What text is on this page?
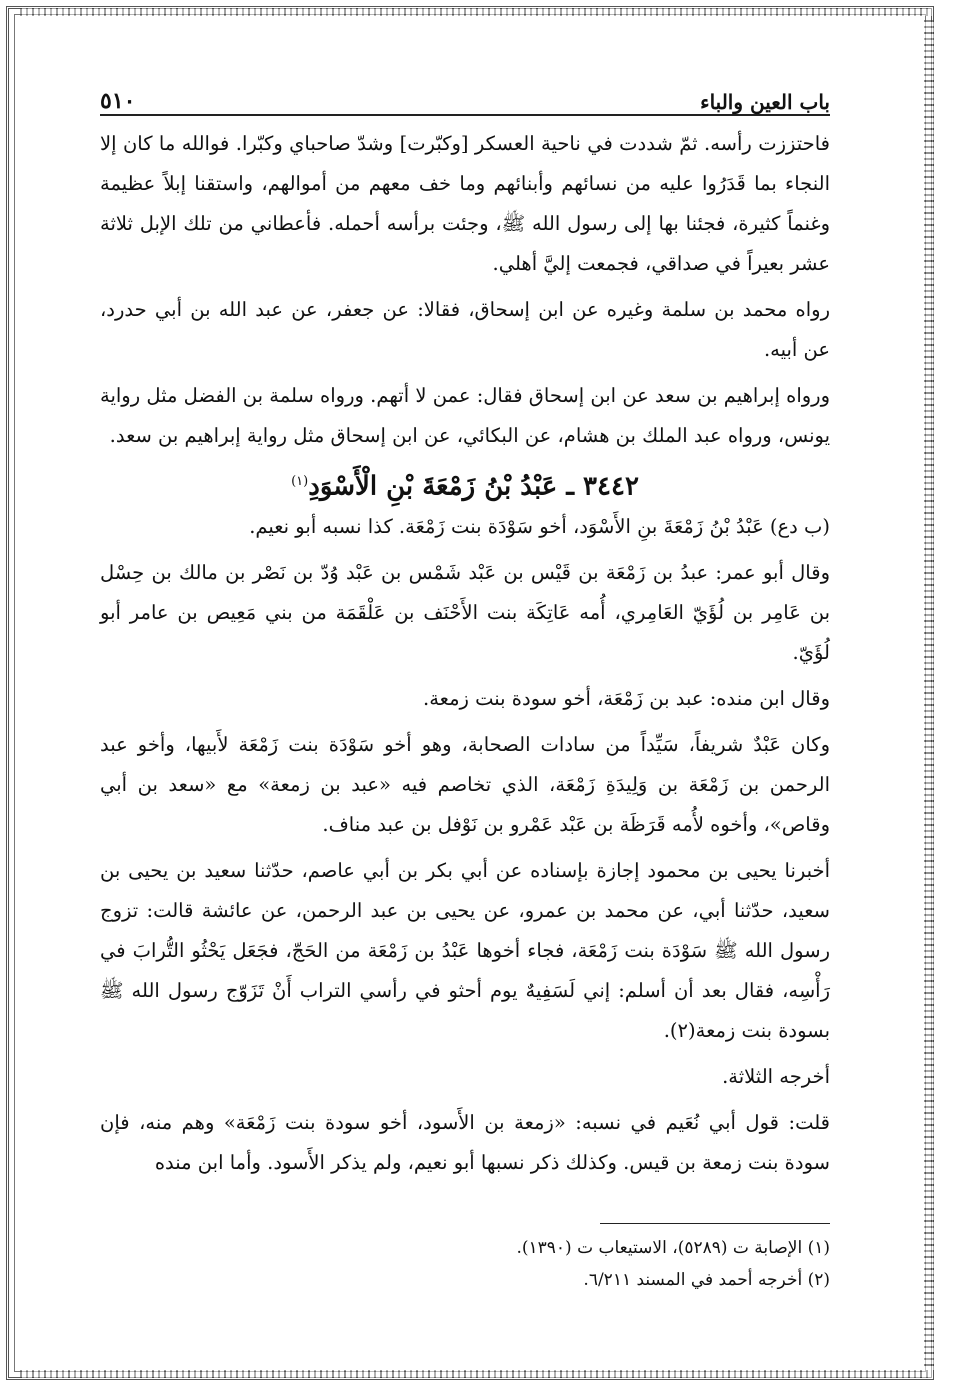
باب العين والباء
٥١٠

فاحتززت رأسه. ثمّ شددت في ناحية العسكر [وكبّرت] وشدّ صاحباي وكبّرا. فوالله ما كان إلا النجاء بما قَدَرُوا عليه من نسائهم وأبنائهم وما خف معهم من أموالهم، واستقنا إبلاً عظيمة وغنماً كثيرة، فجئنا بها إلى رسول الله ﷺ، وجئت برأسه أحمله. فأعطاني من تلك الإبل ثلاثة عشر بعيراً في صداقي، فجمعت إليَّ أهلي.

رواه محمد بن سلمة وغيره عن ابن إسحاق، فقالا: عن جعفر، عن عبد الله بن أبي حدرد، عن أبيه.

ورواه إبراهيم بن سعد عن ابن إسحاق فقال: عمن لا أتهم. ورواه سلمة بن الفضل مثل رواية يونس، ورواه عبد الملك بن هشام، عن البكائي، عن ابن إسحاق مثل رواية إبراهيم بن سعد.

٣٤٤٢ ـ عَبْدُ بْنُ زَمْعَةَ بْنِ الْأَسْوَدِ$^{(١)}$

(ب دع) عَبْدُ بْنُ زَمْعَةَ بنِ الأَسْوَد، أخو سَوْدَة بنت زَمْعَة. كذا نسبه أبو نعيم.

وقال أبو عمر: عبدُ بن زَمْعَة بن قَيْس بن عَبْد شَمْس بن عَبْد وُدّ بن نَصْر بن مالك بن حِسْل بن عَامِر بن لُؤَيّ العَامِري، أُمه عَاتِكَة بنت الأَحْنَف بن عَلْقَمَة من بني مَعِيص بن عامر أبو لُؤَيّ.

وقال ابن منده: عبد بن زَمْعَة، أخو سودة بنت زمعة.

وكان عَبْدٌ شريفاً، سَيِّداً من سادات الصحابة، وهو أخو سَوْدَة بنت زَمْعَة لأَبيها، وأخو عبد الرحمن بن زَمْعَة بن وَلِيدَةِ زَمْعَة، الذي تخاصم فيه «عبد بن زمعة» مع «سعد بن أبي وقاص»، وأخوه لأُمه قَرَظَة بن عَبْد عَمْرو بن نَوْفل بن عبد مناف.

أخبرنا يحيى بن محمود إجازة بإسناده عن أبي بكر بن أبي عاصم، حدّثنا سعيد بن يحيى بن سعيد، حدّثنا أبي، عن محمد بن عمرو، عن يحيى بن عبد الرحمن، عن عائشة قالت: تزوج رسول الله ﷺ سَوْدَة بنت زَمْعَة، فجاء أخوها عَبْدُ بن زَمْعَة من الحَجّ، فجَعَل يَحْثُو التُّرابَ في رَأْسِه، فقال بعد أن أسلم: إني لَسَفِيهٌ يوم أحثو في رأسي التراب أَنْ تَزَوّج رسول الله ﷺ بسودة بنت زمعة(٢).

أخرجه الثلاثة.

قلت: قول أبي نُعَيم في نسبه: «زمعة بن الأَسود، أخو سودة بنت زَمْعَة» وهم منه، فإن سودة بنت زمعة بن قيس. وكذلك ذكر نسبها أبو نعيم، ولم يذكر الأَسود. وأما ابن منده

(١) الإصابة ت (٥٢٨٩)، الاستيعاب ت (١٣٩٠).

(٢) أخرجه أحمد في المسند ٦/٢١١.
